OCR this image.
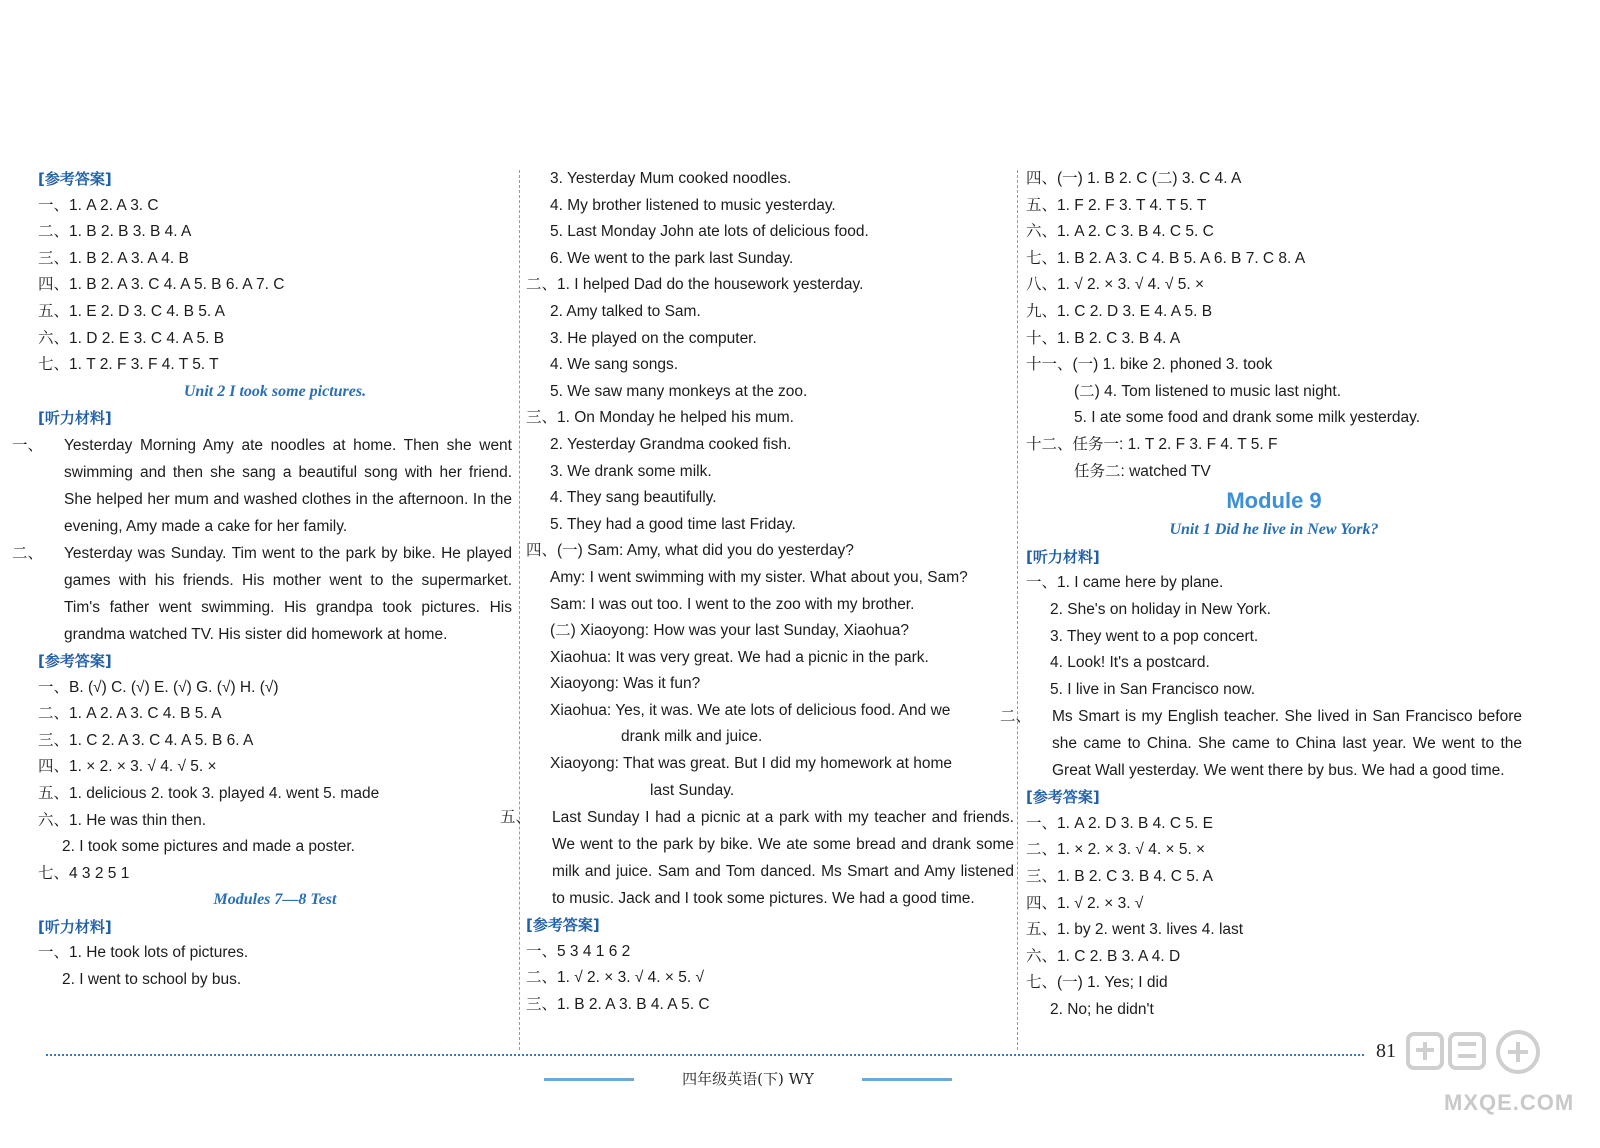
[参考答案]
一、1. A 2. A 3. C
二、1. B 2. B 3. B 4. A
三、1. B 2. A 3. A 4. B
四、1. B 2. A 3. C 4. A 5. B 6. A 7. C
五、1. E 2. D 3. C 4. B 5. A
六、1. D 2. E 3. C 4. A 5. B
七、1. T 2. F 3. F 4. T 5. T
Unit 2 I took some pictures.
[听力材料]
一、 Yesterday Morning Amy ate noodles at home. Then she went swimming and then she sang a beautiful song with her friend. She helped her mum and washed clothes in the afternoon. In the evening, Amy made a cake for her family.
二、 Yesterday was Sunday. Tim went to the park by bike. He played games with his friends. His mother went to the supermarket. Tim's father went swimming. His grandpa took pictures. His grandma watched TV. His sister did homework at home.
[参考答案]
一、B. (√) C. (√) E. (√) G. (√) H. (√)
二、1. A 2. A 3. C 4. B 5. A
三、1. C 2. A 3. C 4. A 5. B 6. A
四、1. × 2. × 3. √ 4. √ 5. ×
五、1. delicious 2. took 3. played 4. went 5. made
六、1. He was thin then.
2. I took some pictures and made a poster.
七、4 3 2 5 1
Modules 7—8 Test
[听力材料]
一、1. He took lots of pictures.
2. I went to school by bus.
3. Yesterday Mum cooked noodles.
4. My brother listened to music yesterday.
5. Last Monday John ate lots of delicious food.
6. We went to the park last Sunday.
二、1. I helped Dad do the housework yesterday.
2. Amy talked to Sam.
3. He played on the computer.
4. We sang songs.
5. We saw many monkeys at the zoo.
三、1. On Monday he helped his mum.
2. Yesterday Grandma cooked fish.
3. We drank some milk.
4. They sang beautifully.
5. They had a good time last Friday.
四、(一) Sam: Amy, what did you do yesterday?
Amy: I went swimming with my sister. What about you, Sam?
Sam: I was out too. I went to the zoo with my brother.
(二) Xiaoyong: How was your last Sunday, Xiaohua?
Xiaohua: It was very great. We had a picnic in the park.
Xiaoyong: Was it fun?
Xiaohua: Yes, it was. We ate lots of delicious food. And we
drank milk and juice.
Xiaoyong: That was great. But I did my homework at home
last Sunday.
五、 Last Sunday I had a picnic at a park with my teacher and friends. We went to the park by bike. We ate some bread and drank some milk and juice. Sam and Tom danced. Ms Smart and Amy listened to music. Jack and I took some pictures. We had a good time.
[参考答案]
一、5 3 4 1 6 2
二、1. √ 2. × 3. √ 4. × 5. √
三、1. B 2. A 3. B 4. A 5. C
四、(一) 1. B 2. C (二) 3. C 4. A
五、1. F 2. F 3. T 4. T 5. T
六、1. A 2. C 3. B 4. C 5. C
七、1. B 2. A 3. C 4. B 5. A 6. B 7. C 8. A
八、1. √ 2. × 3. √ 4. √ 5. ×
九、1. C 2. D 3. E 4. A 5. B
十、1. B 2. C 3. B 4. A
十一、(一) 1. bike 2. phoned 3. took
(二) 4. Tom listened to music last night.
5. I ate some food and drank some milk yesterday.
十二、任务一: 1. T 2. F 3. F 4. T 5. F
任务二: watched TV
Module 9
Unit 1 Did he live in New York?
[听力材料]
一、1. I came here by plane.
2. She's on holiday in New York.
3. They went to a pop concert.
4. Look! It's a postcard.
5. I live in San Francisco now.
二、 Ms Smart is my English teacher. She lived in San Francisco before she came to China. She came to China last year. We went to the Great Wall yesterday. We went there by bus. We had a good time.
[参考答案]
一、1. A 2. D 3. B 4. C 5. E
二、1. × 2. × 3. √ 4. × 5. ×
三、1. B 2. C 3. B 4. C 5. A
四、1. √ 2. × 3. √
五、1. by 2. went 3. lives 4. last
六、1. C 2. B 3. A 4. D
七、(一) 1. Yes; I did
2. No; he didn't
81
四年级英语(下) WY
MXQE.COM
